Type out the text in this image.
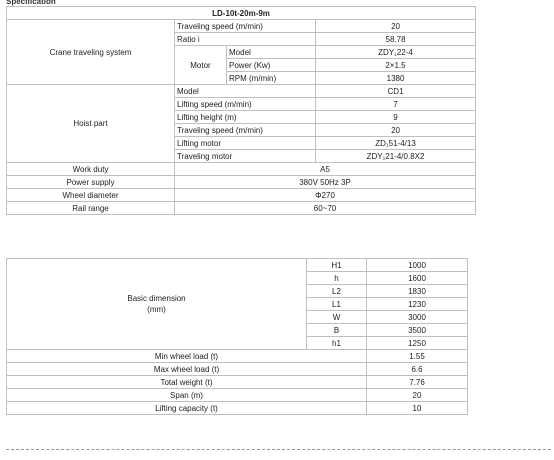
Specification
LD-10t-20m-9m			
Crane traveling system	Traveling speed (m/min)		20
	Ratio i		58.78
	Motor	Model	ZDY₁22-4
		Power (Kw)	2×1.5
		RPM (m/min)	1380
Hoist part	Model		CD1
	Lifting speed (m/min)		7
	Lifting height (m)		9
	Traveling speed (m/min)		20
	Lifting motor		ZD₁51-4/13
	Traveling motor		ZDY₁21-4/0.8X2
Work duty	A5		
Power supply	380V 50Hz 3P		
Wheel diameter	Φ270		
Rail range	60~70		
Basic dimension
(mm)	H1	1000
	h	1600
	L2	1830
	L1	1230
	W	3000
	B	3500
	h1	1250
Min wheel load (t)		1.55
Max wheel load (t)		6.6
Total weight (t)		7.76
Span (m)		20
Lifting capacity (t)		10
